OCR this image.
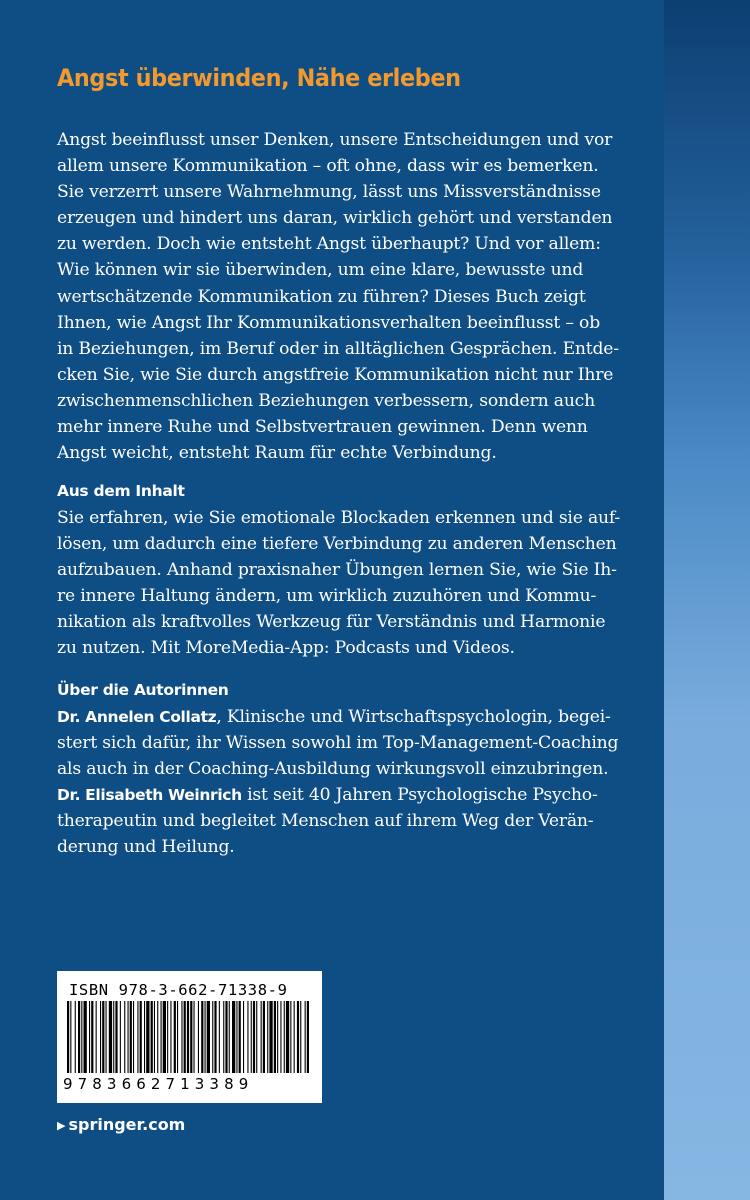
Angst überwinden, Nähe erleben
Angst beeinflusst unser Denken, unsere Entscheidungen und vor
allem unsere Kommunikation – oft ohne, dass wir es bemerken.
Sie verzerrt unsere Wahrnehmung, lässt uns Missverständnisse
erzeugen und hindert uns daran, wirklich gehört und verstanden
zu werden. Doch wie entsteht Angst überhaupt? Und vor allem:
Wie können wir sie überwinden, um eine klare, bewusste und
wertschätzende Kommunikation zu führen? Dieses Buch zeigt
Ihnen, wie Angst Ihr Kommunikationsverhalten beeinflusst – ob
in Beziehungen, im Beruf oder in alltäglichen Gesprächen. Entde-
cken Sie, wie Sie durch angstfreie Kommunikation nicht nur Ihre
zwischenmenschlichen Beziehungen verbessern, sondern auch
mehr innere Ruhe und Selbstvertrauen gewinnen. Denn wenn
Angst weicht, entsteht Raum für echte Verbindung.
Aus dem Inhalt
Sie erfahren, wie Sie emotionale Blockaden erkennen und sie auf-
lösen, um dadurch eine tiefere Verbindung zu anderen Menschen
aufzubauen. Anhand praxisnaher Übungen lernen Sie, wie Sie Ih-
re innere Haltung ändern, um wirklich zuzuhören und Kommu-
nikation als kraftvolles Werkzeug für Verständnis und Harmonie
zu nutzen. Mit MoreMedia-App: Podcasts und Videos.
Über die Autorinnen
Dr. Annelen Collatz, Klinische und Wirtschaftspsychologin, begei-
stert sich dafür, ihr Wissen sowohl im Top-Management-Coaching
als auch in der Coaching-Ausbildung wirkungsvoll einzubringen.
Dr. Elisabeth Weinrich ist seit 40 Jahren Psychologische Psycho-
therapeutin und begleitet Menschen auf ihrem Weg der Verän-
derung und Heilung.
ISBN 978-3-662-71338-9
9783662713389
▶ springer.com
